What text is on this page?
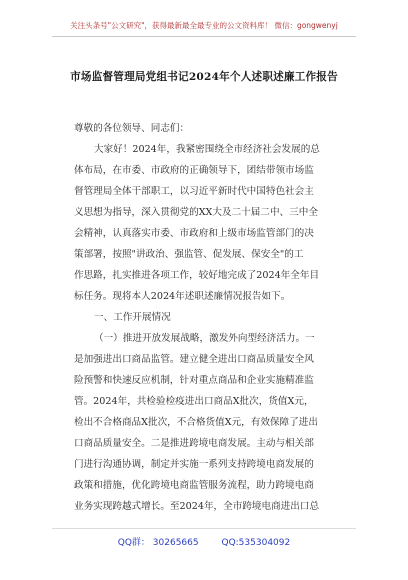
关注头条号"公文研究"，获得最新最全最专业的公文资料库！ 微信：gongwenyj
市场监督管理局党组书记2024年个人述职述廉工作报告
尊敬的各位领导、同志们：
大家好！2024年，我紧密围绕全市经济社会发展的总
体布局，在市委、市政府的正确领导下，团结带领市场监
督管理局全体干部职工，以习近平新时代中国特色社会主
义思想为指导，深入贯彻党的XX大及二十届二中、三中全
会精神，认真落实市委、市政府和上级市场监管部门的决
策部署，按照"讲政治、强监管、促发展、保安全"的工
作思路，扎实推进各项工作，较好地完成了2024年全年目
标任务。现将本人2024年述职述廉情况报告如下。
一、工作开展情况
（一）推进开放发展战略，激发外向型经济活力。一
是加强进出口商品监管。建立健全进出口商品质量安全风
险预警和快速反应机制，针对重点商品和企业实施精准监
管。2024年，共检验检疫进出口商品X批次，货值X元，
检出不合格商品X批次，不合格货值X元，有效保障了进出
口商品质量安全。二是推进跨境电商发展。主动与相关部
门进行沟通协调，制定并实施一系列支持跨境电商发展的
政策和措施，优化跨境电商监管服务流程，助力跨境电商
业务实现跨越式增长。至2024年，全市跨境电商进出口总
QQ群： 30265665	QQ:535304092
